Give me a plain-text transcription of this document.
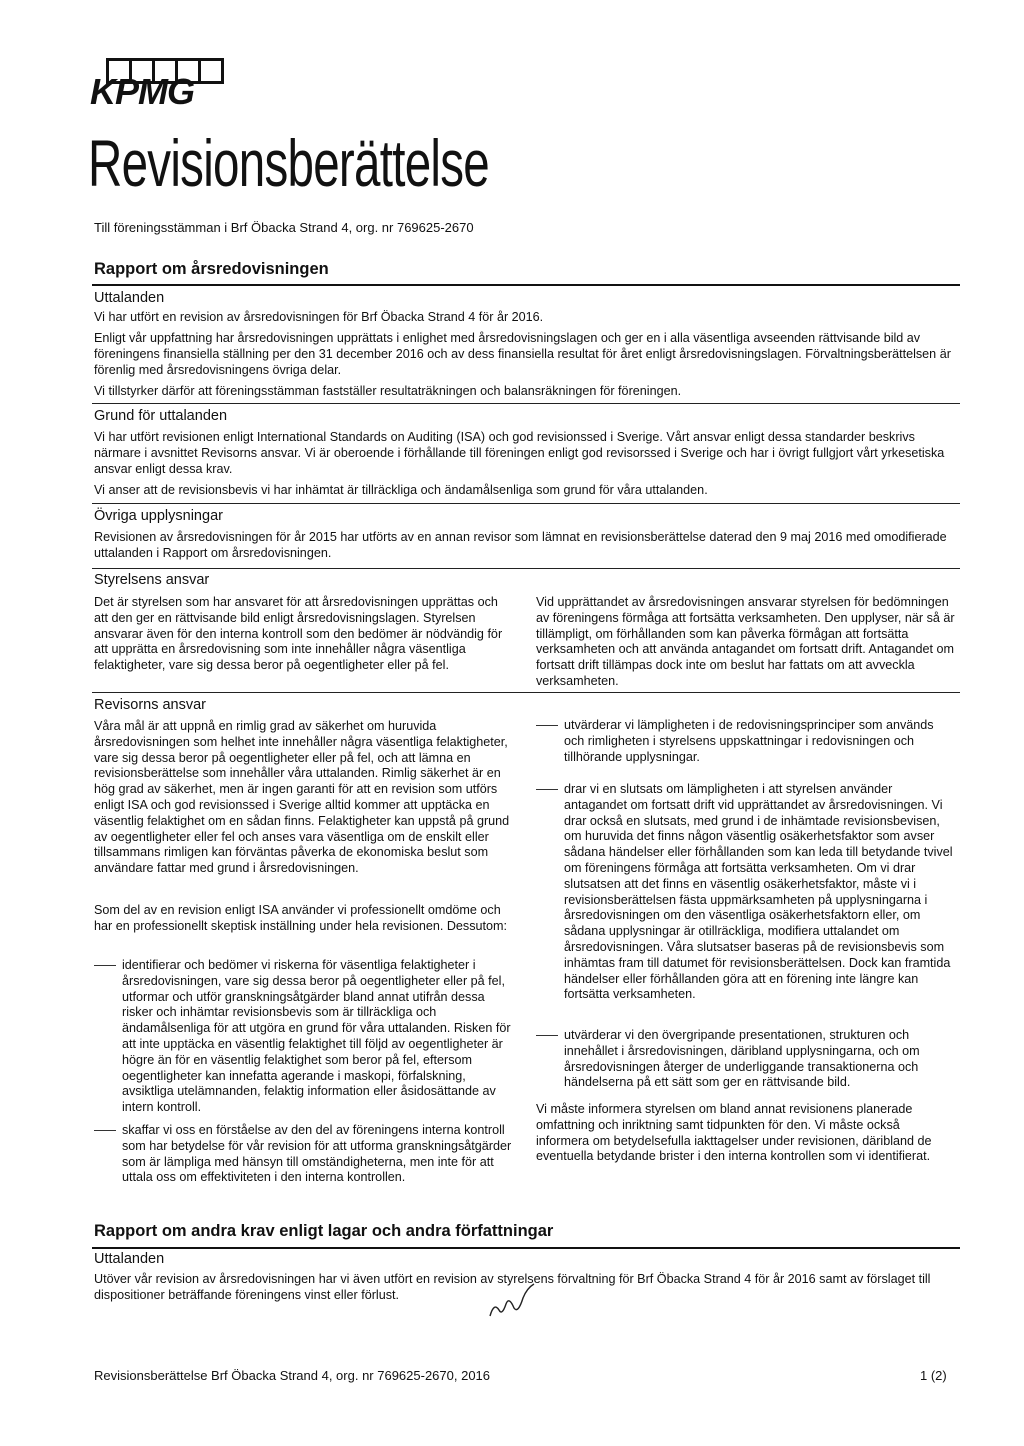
KPMG
Revisionsberättelse
Till föreningsstämman i Brf Öbacka Strand 4, org. nr 769625-2670
Rapport om årsredovisningen
Uttalanden
Vi har utfört en revision av årsredovisningen för Brf Öbacka Strand 4 för år 2016.
Enligt vår uppfattning har årsredovisningen upprättats i enlighet med årsredovisningslagen och ger en i alla väsentliga avseenden rättvisande bild av föreningens finansiella ställning per den 31 december 2016 och av dess finansiella resultat för året enligt årsredovisningslagen. Förvaltningsberättelsen är förenlig med årsredovisningens övriga delar.
Vi tillstyrker därför att föreningsstämman fastställer resultaträkningen och balansräkningen för föreningen.
Grund för uttalanden
Vi har utfört revisionen enligt International Standards on Auditing (ISA) och god revisionssed i Sverige. Vårt ansvar enligt dessa standarder beskrivs närmare i avsnittet Revisorns ansvar. Vi är oberoende i förhållande till föreningen enligt god revisorssed i Sverige och har i övrigt fullgjort vårt yrkesetiska ansvar enligt dessa krav.
Vi anser att de revisionsbevis vi har inhämtat är tillräckliga och ändamålsenliga som grund för våra uttalanden.
Övriga upplysningar
Revisionen av årsredovisningen för år 2015 har utförts av en annan revisor som lämnat en revisionsberättelse daterad den 9 maj 2016 med omodifierade uttalanden i Rapport om årsredovisningen.
Styrelsens ansvar
Det är styrelsen som har ansvaret för att årsredovisningen upprättas och att den ger en rättvisande bild enligt årsredovisningslagen. Styrelsen ansvarar även för den interna kontroll som den bedömer är nödvändig för att upprätta en årsredovisning som inte innehåller några väsentliga felaktigheter, vare sig dessa beror på oegentligheter eller på fel.
Vid upprättandet av årsredovisningen ansvarar styrelsen för bedömningen av föreningens förmåga att fortsätta verksamheten. Den upplyser, när så är tillämpligt, om förhållanden som kan påverka förmågan att fortsätta verksamheten och att använda antagandet om fortsatt drift. Antagandet om fortsatt drift tillämpas dock inte om beslut har fattats om att avveckla verksamheten.
Revisorns ansvar
Våra mål är att uppnå en rimlig grad av säkerhet om huruvida årsredovisningen som helhet inte innehåller några väsentliga felaktigheter, vare sig dessa beror på oegentligheter eller på fel, och att lämna en revisionsberättelse som innehåller våra uttalanden. Rimlig säkerhet är en hög grad av säkerhet, men är ingen garanti för att en revision som utförs enligt ISA och god revisionssed i Sverige alltid kommer att upptäcka en väsentlig felaktighet om en sådan finns. Felaktigheter kan uppstå på grund av oegentligheter eller fel och anses vara väsentliga om de enskilt eller tillsammans rimligen kan förväntas påverka de ekonomiska beslut som användare fattar med grund i årsredovisningen.
Som del av en revision enligt ISA använder vi professionellt omdöme och har en professionellt skeptisk inställning under hela revisionen. Dessutom:
identifierar och bedömer vi riskerna för väsentliga felaktigheter i årsredovisningen, vare sig dessa beror på oegentligheter eller på fel, utformar och utför granskningsåtgärder bland annat utifrån dessa risker och inhämtar revisionsbevis som är tillräckliga och ändamålsenliga för att utgöra en grund för våra uttalanden. Risken för att inte upptäcka en väsentlig felaktighet till följd av oegentligheter är högre än för en väsentlig felaktighet som beror på fel, eftersom oegentligheter kan innefatta agerande i maskopi, förfalskning, avsiktliga utelämnanden, felaktig information eller åsidosättande av intern kontroll.
skaffar vi oss en förståelse av den del av föreningens interna kontroll som har betydelse för vår revision för att utforma granskningsåtgärder som är lämpliga med hänsyn till omständigheterna, men inte för att uttala oss om effektiviteten i den interna kontrollen.
utvärderar vi lämpligheten i de redovisningsprinciper som används och rimligheten i styrelsens uppskattningar i redovisningen och tillhörande upplysningar.
drar vi en slutsats om lämpligheten i att styrelsen använder antagandet om fortsatt drift vid upprättandet av årsredovisningen. Vi drar också en slutsats, med grund i de inhämtade revisionsbevisen, om huruvida det finns någon väsentlig osäkerhetsfaktor som avser sådana händelser eller förhållanden som kan leda till betydande tvivel om föreningens förmåga att fortsätta verksamheten. Om vi drar slutsatsen att det finns en väsentlig osäkerhetsfaktor, måste vi i revisionsberättelsen fästa uppmärksamheten på upplysningarna i årsredovisningen om den väsentliga osäkerhetsfaktorn eller, om sådana upplysningar är otillräckliga, modifiera uttalandet om årsredovisningen. Våra slutsatser baseras på de revisionsbevis som inhämtas fram till datumet för revisionsberättelsen. Dock kan framtida händelser eller förhållanden göra att en förening inte längre kan fortsätta verksamheten.
utvärderar vi den övergripande presentationen, strukturen och innehållet i årsredovisningen, däribland upplysningarna, och om årsredovisningen återger de underliggande transaktionerna och händelserna på ett sätt som ger en rättvisande bild.
Vi måste informera styrelsen om bland annat revisionens planerade omfattning och inriktning samt tidpunkten för den. Vi måste också informera om betydelsefulla iakttagelser under revisionen, däribland de eventuella betydande brister i den interna kontrollen som vi identifierat.
Rapport om andra krav enligt lagar och andra författningar
Uttalanden
Utöver vår revision av årsredovisningen har vi även utfört en revision av styrelsens förvaltning för Brf Öbacka Strand 4 för år 2016 samt av förslaget till dispositioner beträffande föreningens vinst eller förlust.
Revisionsberättelse Brf Öbacka Strand 4, org. nr 769625-2670, 2016	1 (2)
